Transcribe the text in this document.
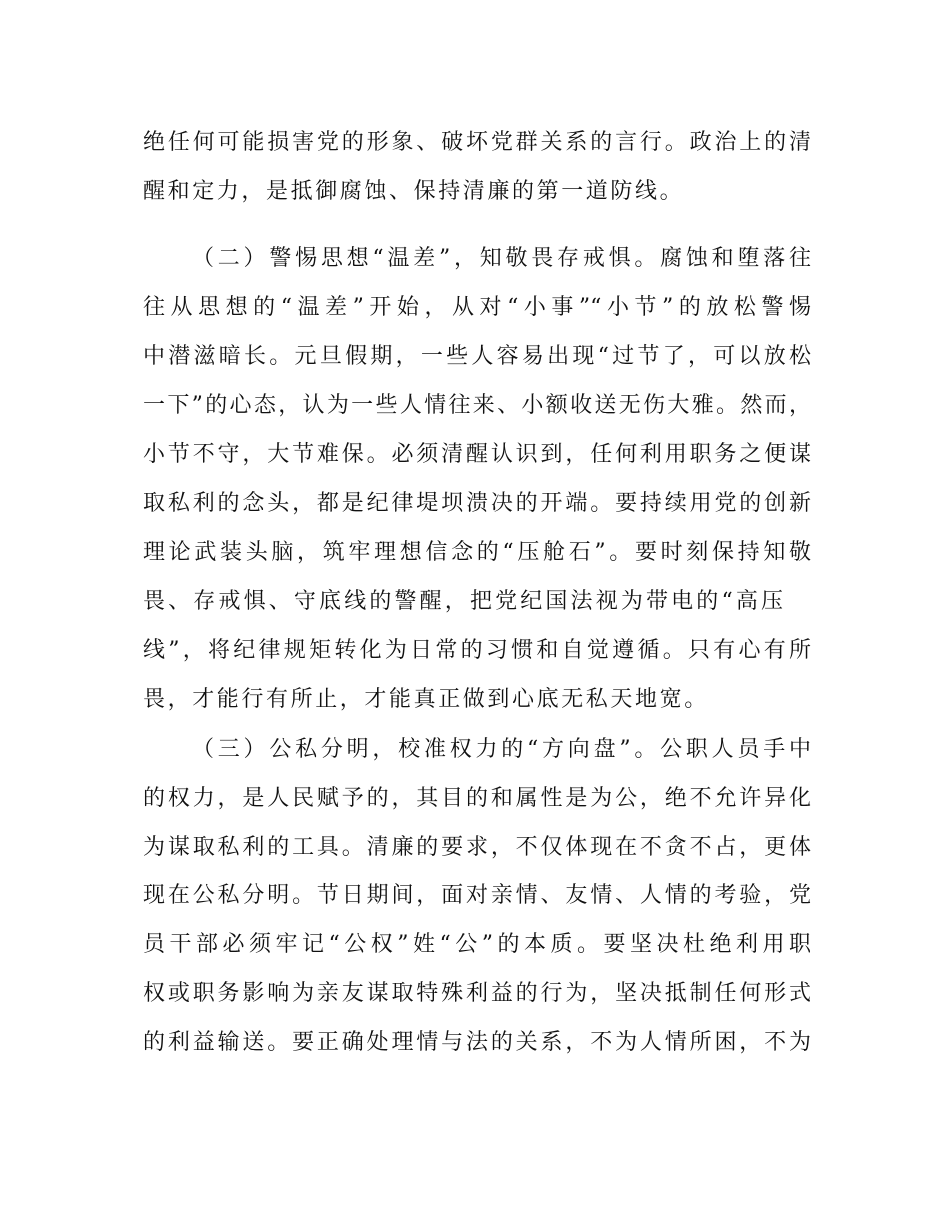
绝任何可能损害党的形象、破坏党群关系的言行。政治上的清
醒和定力，是抵御腐蚀、保持清廉的第一道防线。
（二）警惕思想“温差”，知敬畏存戒惧。腐蚀和堕落往
往从思想的“温差”开始，从对“小事”“小节”的放松警惕
中潜滋暗长。元旦假期，一些人容易出现“过节了，可以放松
一下”的心态，认为一些人情往来、小额收送无伤大雅。然而，
小节不守，大节难保。必须清醒认识到，任何利用职务之便谋
取私利的念头，都是纪律堤坝溃决的开端。要持续用党的创新
理论武装头脑，筑牢理想信念的“压舱石”。要时刻保持知敬
畏、存戒惧、守底线的警醒，把党纪国法视为带电的“高压
线”，将纪律规矩转化为日常的习惯和自觉遵循。只有心有所
畏，才能行有所止，才能真正做到心底无私天地宽。
（三）公私分明，校准权力的“方向盘”。公职人员手中
的权力，是人民赋予的，其目的和属性是为公，绝不允许异化
为谋取私利的工具。清廉的要求，不仅体现在不贪不占，更体
现在公私分明。节日期间，面对亲情、友情、人情的考验，党
员干部必须牢记“公权”姓“公”的本质。要坚决杜绝利用职
权或职务影响为亲友谋取特殊利益的行为，坚决抵制任何形式
的利益输送。要正确处理情与法的关系，不为人情所困，不为
